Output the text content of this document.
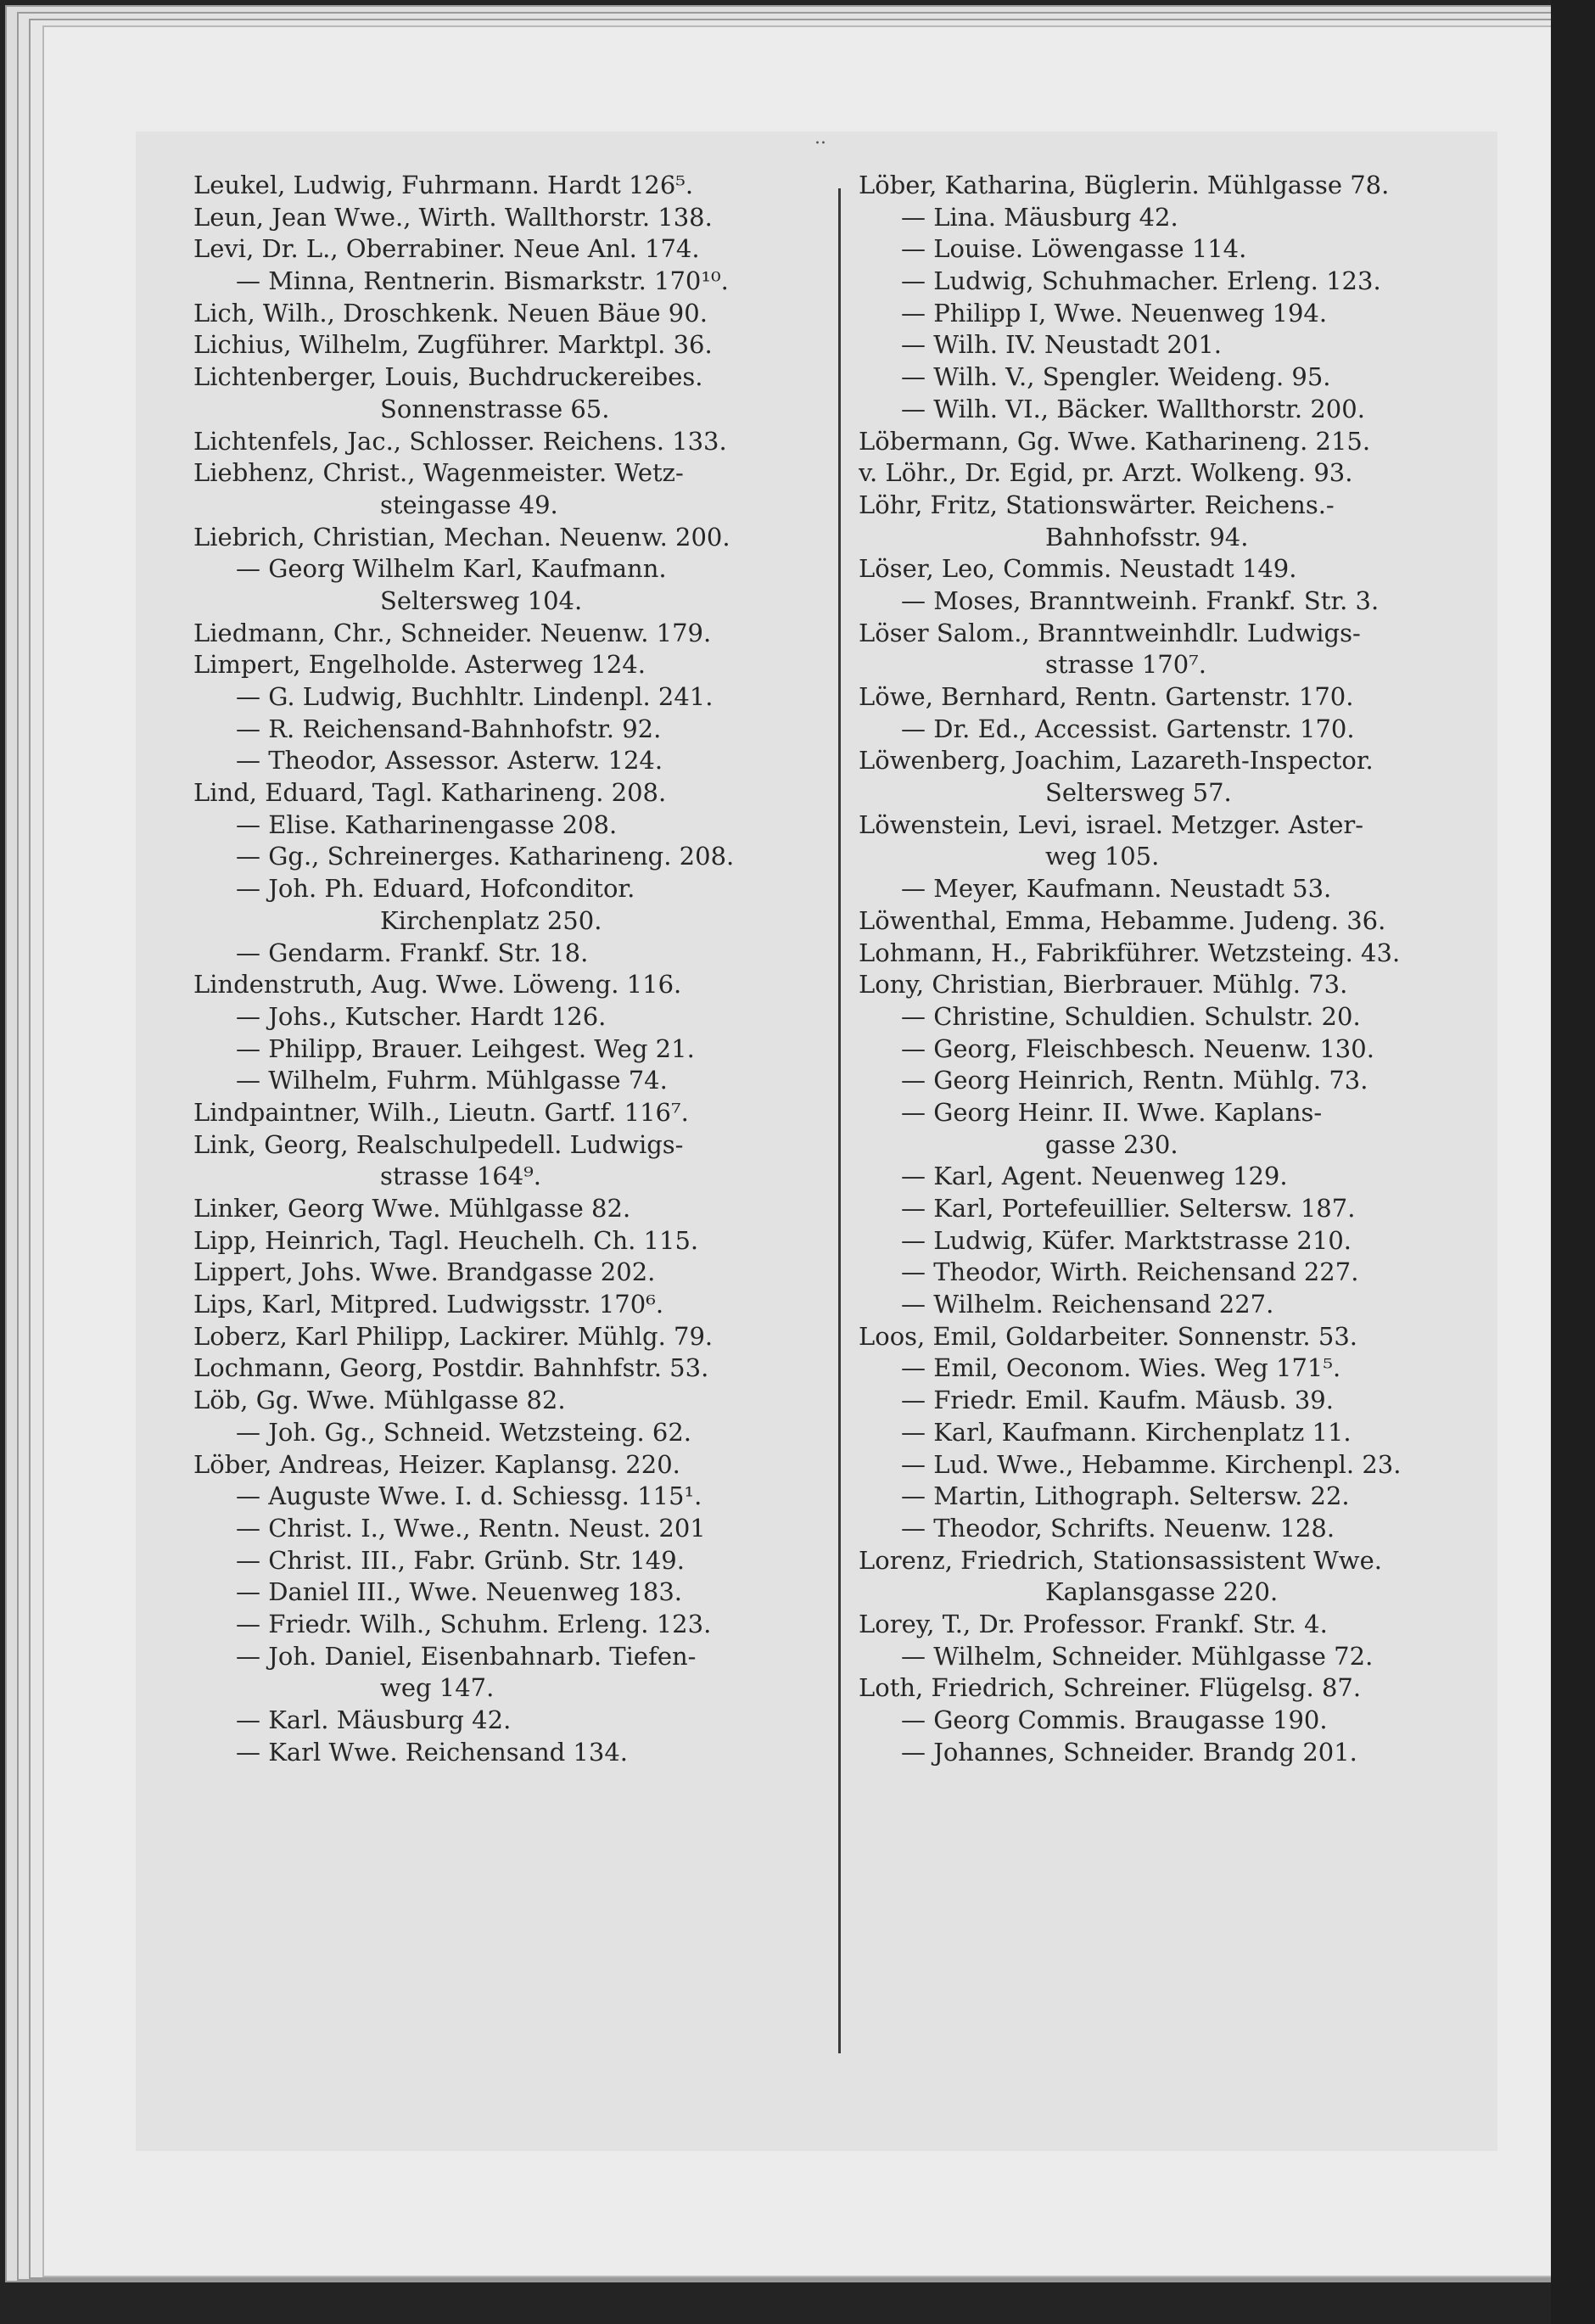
..
Leukel, Ludwig, Fuhrmann. Hardt 126⁵.
Leun, Jean Wwe., Wirth. Wallthorstr. 138.
Levi, Dr. L., Oberrabiner. Neue Anl. 174.
— Minna, Rentnerin. Bismarkstr. 170¹⁰.
Lich, Wilh., Droschkenk. Neuen Bäue 90.
Lichius, Wilhelm, Zugführer. Marktpl. 36.
Lichtenberger, Louis, Buchdruckereibes.
Sonnenstrasse 65.
Lichtenfels, Jac., Schlosser. Reichens. 133.
Liebhenz, Christ., Wagenmeister. Wetz-
steingasse 49.
Liebrich, Christian, Mechan. Neuenw. 200.
— Georg Wilhelm Karl, Kaufmann.
Seltersweg 104.
Liedmann, Chr., Schneider. Neuenw. 179.
Limpert, Engelholde. Asterweg 124.
— G. Ludwig, Buchhltr. Lindenpl. 241.
— R. Reichensand-Bahnhofstr. 92.
— Theodor, Assessor. Asterw. 124.
Lind, Eduard, Tagl. Katharineng. 208.
— Elise. Katharinengasse 208.
— Gg., Schreinerges. Katharineng. 208.
— Joh. Ph. Eduard, Hofconditor.
Kirchenplatz 250.
— Gendarm. Frankf. Str. 18.
Lindenstruth, Aug. Wwe. Löweng. 116.
— Johs., Kutscher. Hardt 126.
— Philipp, Brauer. Leihgest. Weg 21.
— Wilhelm, Fuhrm. Mühlgasse 74.
Lindpaintner, Wilh., Lieutn. Gartf. 116⁷.
Link, Georg, Realschulpedell. Ludwigs-
strasse 164⁹.
Linker, Georg Wwe. Mühlgasse 82.
Lipp, Heinrich, Tagl. Heuchelh. Ch. 115.
Lippert, Johs. Wwe. Brandgasse 202.
Lips, Karl, Mitpred. Ludwigsstr. 170⁶.
Loberz, Karl Philipp, Lackirer. Mühlg. 79.
Lochmann, Georg, Postdir. Bahnhfstr. 53.
Löb, Gg. Wwe. Mühlgasse 82.
— Joh. Gg., Schneid. Wetzsteing. 62.
Löber, Andreas, Heizer. Kaplansg. 220.
— Auguste Wwe. I. d. Schiessg. 115¹.
— Christ. I., Wwe., Rentn. Neust. 201
— Christ. III., Fabr. Grünb. Str. 149.
— Daniel III., Wwe. Neuenweg 183.
— Friedr. Wilh., Schuhm. Erleng. 123.
— Joh. Daniel, Eisenbahnarb. Tiefen-
weg 147.
— Karl. Mäusburg 42.
— Karl Wwe. Reichensand 134.
Löber, Katharina, Büglerin. Mühlgasse 78.
— Lina. Mäusburg 42.
— Louise. Löwengasse 114.
— Ludwig, Schuhmacher. Erleng. 123.
— Philipp I, Wwe. Neuenweg 194.
— Wilh. IV. Neustadt 201.
— Wilh. V., Spengler. Weideng. 95.
— Wilh. VI., Bäcker. Wallthorstr. 200.
Löbermann, Gg. Wwe. Katharineng. 215.
v. Löhr., Dr. Egid, pr. Arzt. Wolkeng. 93.
Löhr, Fritz, Stationswärter. Reichens.-
Bahnhofsstr. 94.
Löser, Leo, Commis. Neustadt 149.
— Moses, Branntweinh. Frankf. Str. 3.
Löser Salom., Branntweinhdlr. Ludwigs-
strasse 170⁷.
Löwe, Bernhard, Rentn. Gartenstr. 170.
— Dr. Ed., Accessist. Gartenstr. 170.
Löwenberg, Joachim, Lazareth-Inspector.
Seltersweg 57.
Löwenstein, Levi, israel. Metzger. Aster-
weg 105.
— Meyer, Kaufmann. Neustadt 53.
Löwenthal, Emma, Hebamme. Judeng. 36.
Lohmann, H., Fabrikführer. Wetzsteing. 43.
Lony, Christian, Bierbrauer. Mühlg. 73.
— Christine, Schuldien. Schulstr. 20.
— Georg, Fleischbesch. Neuenw. 130.
— Georg Heinrich, Rentn. Mühlg. 73.
— Georg Heinr. II. Wwe. Kaplans-
gasse 230.
— Karl, Agent. Neuenweg 129.
— Karl, Portefeuillier. Seltersw. 187.
— Ludwig, Küfer. Marktstrasse 210.
— Theodor, Wirth. Reichensand 227.
— Wilhelm. Reichensand 227.
Loos, Emil, Goldarbeiter. Sonnenstr. 53.
— Emil, Oeconom. Wies. Weg 171⁵.
— Friedr. Emil. Kaufm. Mäusb. 39.
— Karl, Kaufmann. Kirchenplatz 11.
— Lud. Wwe., Hebamme. Kirchenpl. 23.
— Martin, Lithograph. Seltersw. 22.
— Theodor, Schrifts. Neuenw. 128.
Lorenz, Friedrich, Stationsassistent Wwe.
Kaplansgasse 220.
Lorey, T., Dr. Professor. Frankf. Str. 4.
— Wilhelm, Schneider. Mühlgasse 72.
Loth, Friedrich, Schreiner. Flügelsg. 87.
— Georg Commis. Braugasse 190.
— Johannes, Schneider. Brandg 201.
